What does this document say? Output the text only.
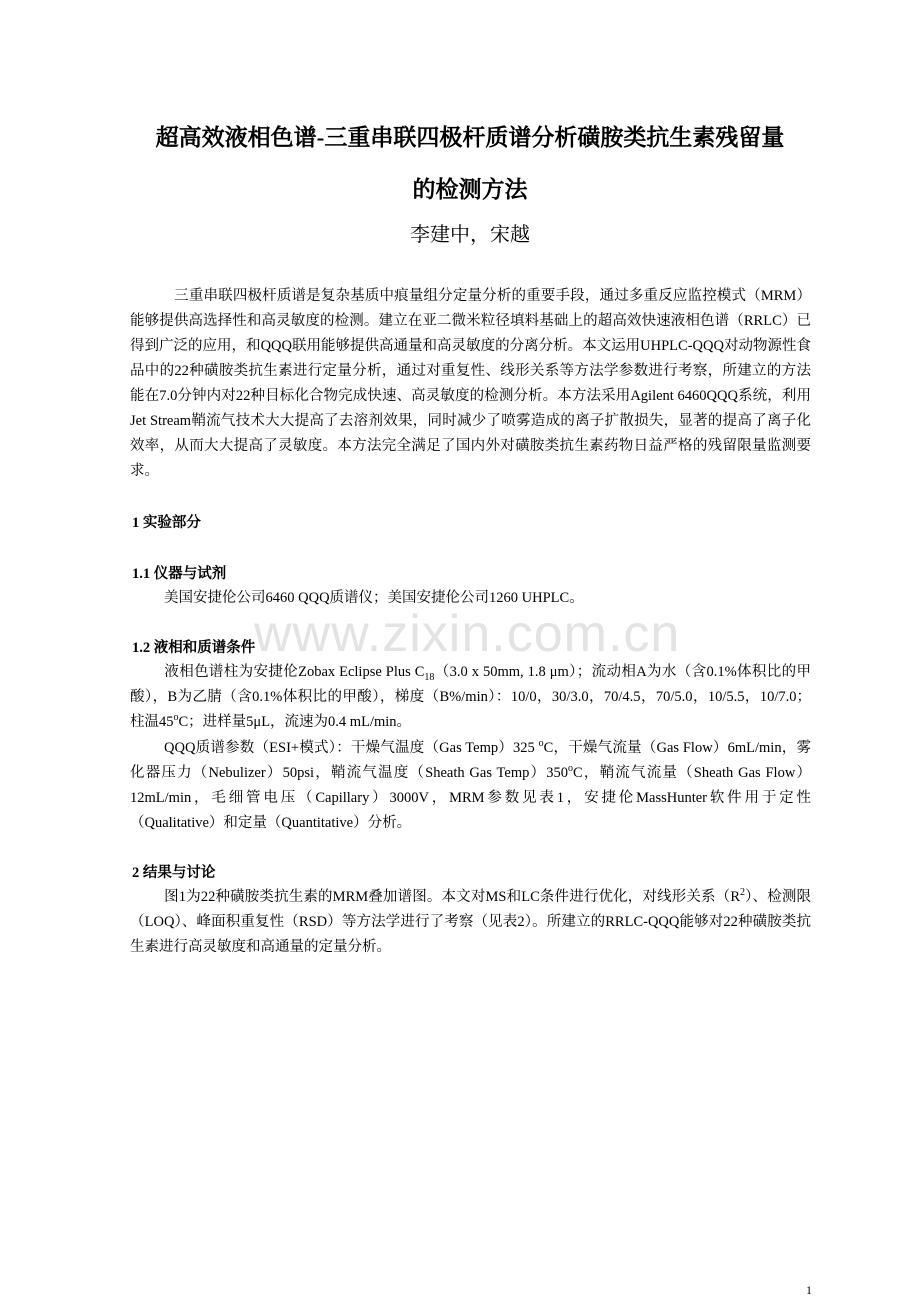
超高效液相色谱-三重串联四极杆质谱分析磺胺类抗生素残留量
的检测方法
李建中，宋越

三重串联四极杆质谱是复杂基质中痕量组分定量分析的重要手段，通过多重反应监控模式（MRM）能够提供高选择性和高灵敏度的检测。建立在亚二微米粒径填料基础上的超高效快速液相色谱（RRLC）已得到广泛的应用，和QQQ联用能够提供高通量和高灵敏度的分离分析。本文运用UHPLC-QQQ对动物源性食品中的22种磺胺类抗生素进行定量分析，通过对重复性、线形关系等方法学参数进行考察，所建立的方法能在7.0分钟内对22种目标化合物完成快速、高灵敏度的检测分析。本方法采用Agilent 6460QQQ系统，利用Jet Stream鞘流气技术大大提高了去溶剂效果，同时减少了喷雾造成的离子扩散损失，显著的提高了离子化效率，从而大大提高了灵敏度。本方法完全满足了国内外对磺胺类抗生素药物日益严格的残留限量监测要求。

1 实验部分
1.1 仪器与试剂

美国安捷伦公司6460 QQQ质谱仪；美国安捷伦公司1260 UHPLC。

1.2 液相和质谱条件

液相色谱柱为安捷伦Zobax Eclipse Plus $C_{18}(3.0$ x 50mm, 1.8 μm）；流动相A为水（含0.1%体积比的甲酸），B为乙腈（含0.1%体积比的甲酸），梯度（B%/min）：10/0，30/3.0，70/4.5，70/5.0，10/5.5，10/7.0；柱温45$^o$C；进样量5μL，流速为0.4 mL/min。

QQQ质谱参数（ESI+模式）：干燥气温度（Gas Temp）325 $^o$C，干燥气流量（Gas Flow）6mL/min，雾化器压力（Nebulizer）50psi，鞘流气温度（Sheath Gas Temp）350$^o$C，鞘流气流量（Sheath Gas Flow）12mL/min，毛细管电压（Capillary）3000V，MRM参数见表1，安捷伦MassHunter软件用于定性（Qualitative）和定量（Quantitative）分析。

2 结果与讨论

图1为22种磺胺类抗生素的MRM叠加谱图。本文对MS和LC条件进行优化，对线形关系$(R^2)$、检测限（LOQ）、峰面积重复性（RSD）等方法学进行了考察（见表2）。所建立的RRLC-QQQ能够对22种磺胺类抗生素进行高灵敏度和高通量的定量分析。

www.zixin.com.cn
1
